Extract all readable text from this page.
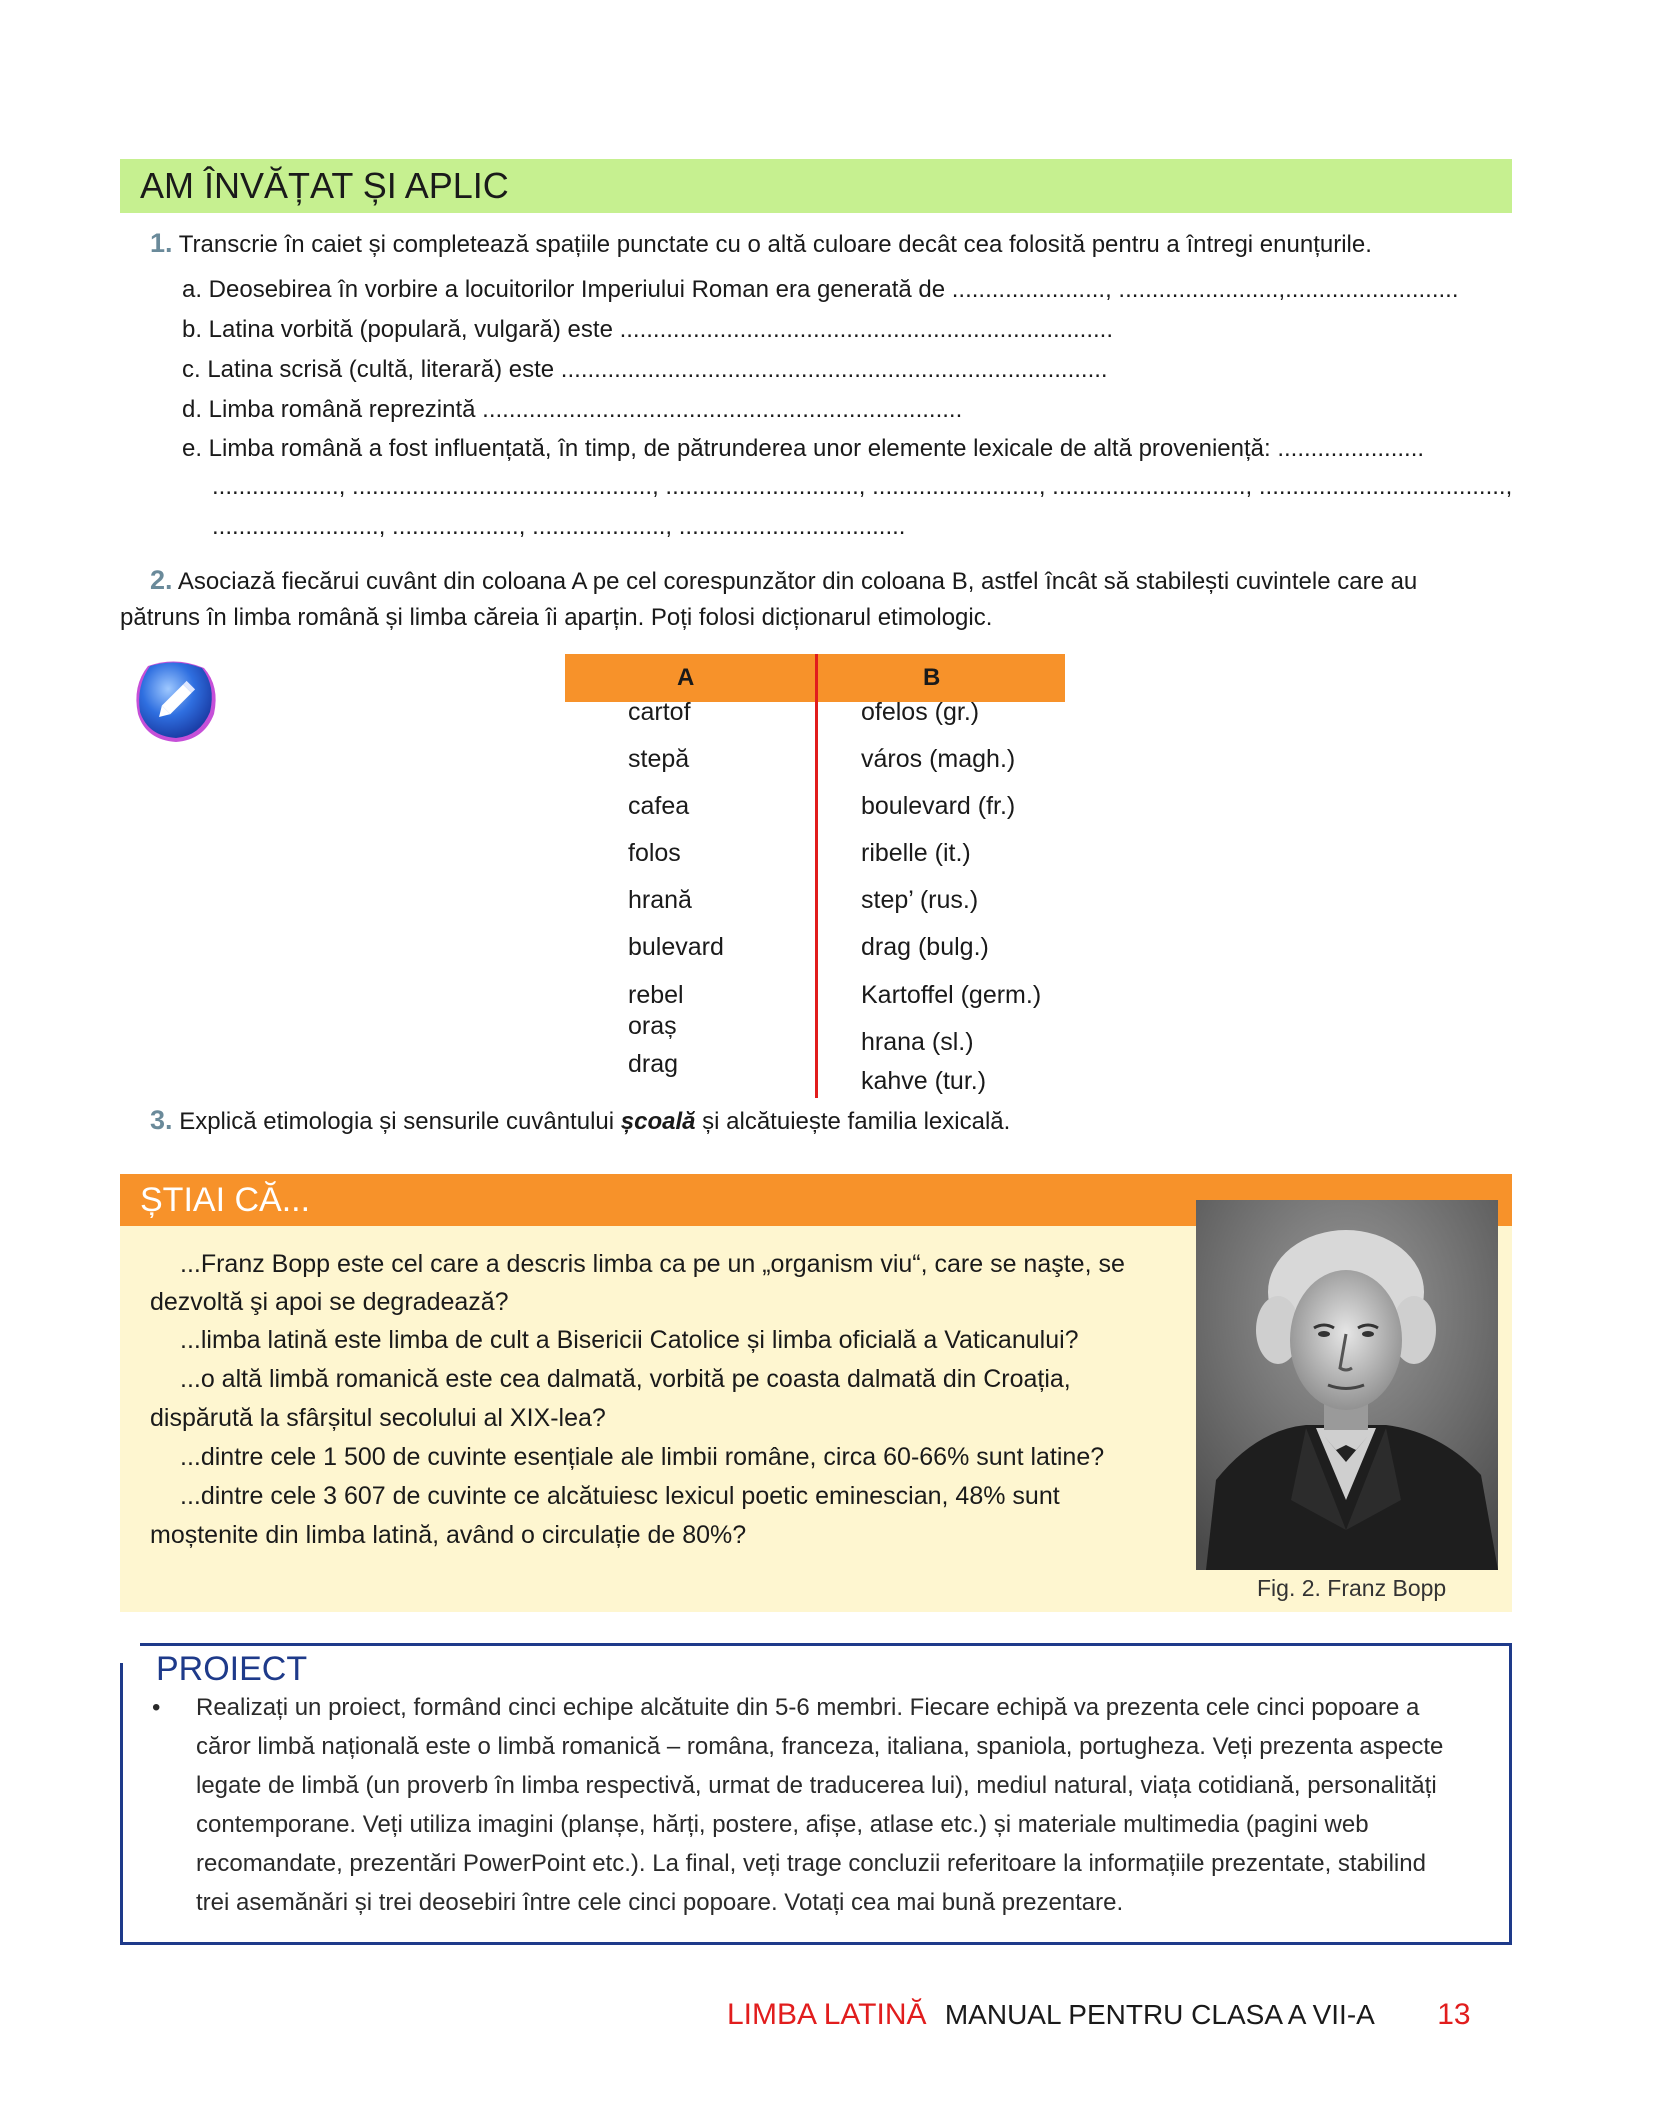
AM ÎNVĂȚAT ȘI APLIC
1. Transcrie în caiet și completează spațiile punctate cu o altă culoare decât cea folosită pentru a întregi enunțurile.
a. Deosebirea în vorbire a locuitorilor Imperiului Roman era generată de ......................., ........................,..........................
b. Latina vorbită (populară, vulgară) este ..........................................................................
c. Latina scrisă (cultă, literară) este ..................................................................................
d. Limba română reprezintă ........................................................................
e. Limba română a fost influențată, în timp, de pătrunderea unor elemente lexicale de altă proveniență: ......................
..................., ............................................., ............................., ........................., ............................., .....................................,
........................., ..................., ...................., ..................................
2. Asociază fiecărui cuvânt din coloana A pe cel corespunzător din coloana B, astfel încât să stabilești cuvintele care au
pătruns în limba română și limba căreia îi aparțin. Poți folosi dicționarul etimologic.
A	B
cartof
stepă
cafea
folos
hrană
bulevard
rebel
oraș
drag
ofelos (gr.)
város (magh.)
boulevard (fr.)
ribelle (it.)
step’ (rus.)
drag (bulg.)
Kartoffel (germ.)
hrana (sl.)
kahve (tur.)
3. Explică etimologia și sensurile cuvântului școală și alcătuiește familia lexicală.
ȘTIAI CĂ...
...Franz Bopp este cel care a descris limba ca pe un „organism viu“, care se naşte, se
dezvoltă şi apoi se degradează?
...limba latină este limba de cult a Bisericii Catolice și limba oficială a Vaticanului?
...o altă limbă romanică este cea dalmată, vorbită pe coasta dalmată din Croația,
dispărută la sfârșitul secolului al XIX-lea?
...dintre cele 1 500 de cuvinte esențiale ale limbii române, circa 60-66% sunt latine?
...dintre cele 3 607 de cuvinte ce alcătuiesc lexicul poetic eminescian, 48% sunt
moștenite din limba latină, având o circulație de 80%?
Fig. 2. Franz Bopp
PROIECT
• Realizați un proiect, formând cinci echipe alcătuite din 5-6 membri. Fiecare echipă va prezenta cele cinci popoare a
căror limbă națională este o limbă romanică – româna, franceza, italiana, spaniola, portugheza. Veți prezenta aspecte
legate de limbă (un proverb în limba respectivă, urmat de traducerea lui), mediul natural, viața cotidiană, personalități
contemporane. Veți utiliza imagini (planșe, hărți, postere, afișe, atlase etc.) și materiale multimedia (pagini web
recomandate, prezentări PowerPoint etc.). La final, veți trage concluzii referitoare la informațiile prezentate, stabilind
trei asemănări și trei deosebiri între cele cinci popoare. Votați cea mai bună prezentare.
LIMBA LATINĂ MANUAL PENTRU CLASA A VII-A 13
